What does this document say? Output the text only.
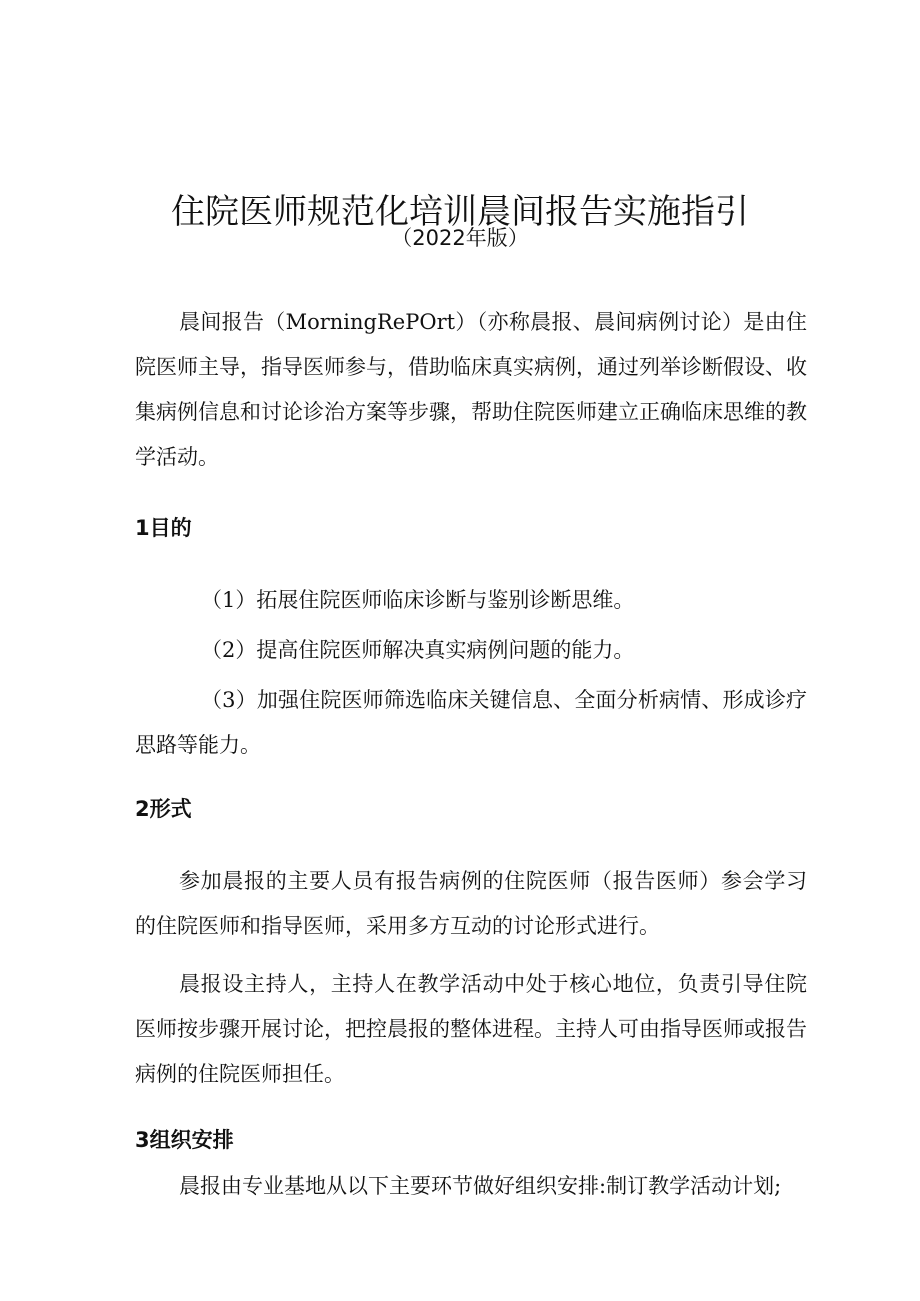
住院医师规范化培训晨间报告实施指引
（2022年版）

晨间报告（MorningRePOrt）（亦称晨报、晨间病例讨论）是由住院医师主导，指导医师参与，借助临床真实病例，通过列举诊断假设、收集病例信息和讨论诊治方案等步骤，帮助住院医师建立正确临床思维的教学活动。

1目的

（1）拓展住院医师临床诊断与鉴别诊断思维。

（2）提高住院医师解决真实病例问题的能力。

（3）加强住院医师筛选临床关键信息、全面分析病情、形成诊疗思路等能力。

2形式

参加晨报的主要人员有报告病例的住院医师（报告医师）参会学习的住院医师和指导医师，采用多方互动的讨论形式进行。

晨报设主持人，主持人在教学活动中处于核心地位，负责引导住院医师按步骤开展讨论，把控晨报的整体进程。主持人可由指导医师或报告病例的住院医师担任。

3组织安排

晨报由专业基地从以下主要环节做好组织安排:制订教学活动计划;
